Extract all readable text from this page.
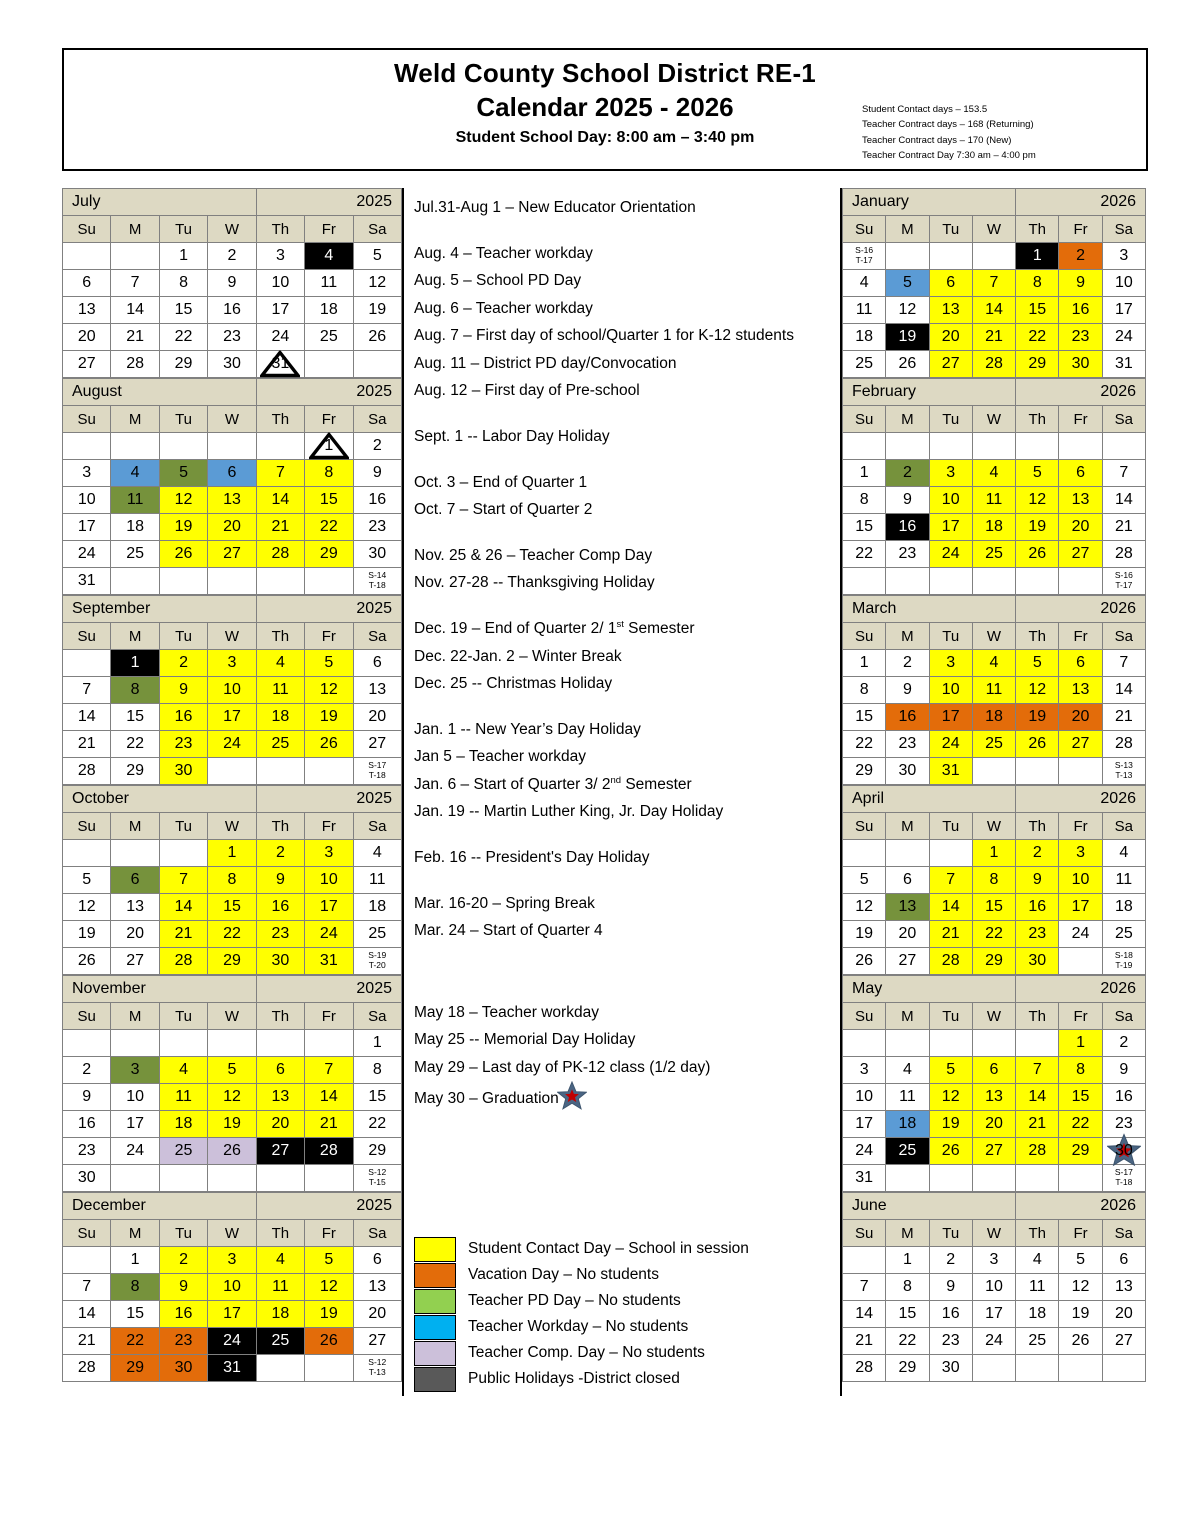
Weld County School District RE-1
Calendar 2025 - 2026
Student School Day: 8:00 am – 3:40 pm
Student Contact days – 153.5
Teacher Contract days – 168 (Returning)
Teacher Contract days – 170 (New)
Teacher Contract Day 7:30 am – 4:00 pm
July				2025		
Su	M	Tu	W	Th	Fr	Sa
		1	2	3	4	5
6	7	8	9	10	11	12
13	14	15	16	17	18	19
20	21	22	23	24	25	26
27	28	29	30	31		

August				2025		
Su	M	Tu	W	Th	Fr	Sa

					1	2
3	4	5	6	7	8	9
10	11	12	13	14	15	16
17	18	19	20	21	22	23
24	25	26	27	28	29	30
31						S-14
T-18
September				2025		
Su	M	Tu	W	Th	Fr	Sa
	1	2	3	4	5	6
7	8	9	10	11	12	13
14	15	16	17	18	19	20
21	22	23	24	25	26	27
28	29	30				S-17
T-18
October				2025		
Su	M	Tu	W	Th	Fr	Sa
			1	2	3	4
5	6	7	8	9	10	11
12	13	14	15	16	17	18
19	20	21	22	23	24	25
26	27	28	29	30	31	S-19
T-20
November				2025		
Su	M	Tu	W	Th	Fr	Sa
						1
2	3	4	5	6	7	8
9	10	11	12	13	14	15
16	17	18	19	20	21	22
23	24	25	26	27	28	29
30						S-12
T-15
December				2025		
Su	M	Tu	W	Th	Fr	Sa
	1	2	3	4	5	6
7	8	9	10	11	12	13
14	15	16	17	18	19	20
21	22	23	24	25	26	27
28	29	30	31			S-12
T-13
Jul.31-Aug 1 – New Educator Orientation
Aug. 4 – Teacher workday
Aug. 5 – School PD Day
Aug. 6 – Teacher workday
Aug. 7 – First day of school/Quarter 1 for K-12 students
Aug. 11 – District PD day/Convocation
Aug. 12 – First day of Pre-school
Sept. 1 -- Labor Day Holiday
Oct. 3 – End of Quarter 1
Oct. 7 – Start of Quarter 2
Nov. 25 & 26 – Teacher Comp Day
Nov. 27-28 -- Thanksgiving Holiday
Dec. 19 – End of Quarter 2/ 1st Semester
Dec. 22-Jan. 2 – Winter Break
Dec. 25 -- Christmas Holiday
Jan. 1 -- New Year’s Day Holiday
Jan 5 – Teacher workday
Jan. 6 – Start of Quarter 3/ 2nd Semester
Jan. 19 -- Martin Luther King, Jr. Day Holiday
Feb. 16 -- President's Day Holiday
Mar. 16-20 – Spring Break
Mar. 24 – Start of Quarter 4
May 18 – Teacher workday
May 25 -- Memorial Day Holiday
May 29 – Last day of PK-12 class (1/2 day)
May 30 – Graduation
Student Contact Day – School in session
Vacation Day – No students
Teacher PD Day – No students
Teacher Workday – No students
Teacher Comp. Day – No students
Public Holidays -District closed
January				2026		
Su	M	Tu	W	Th	Fr	Sa

S-16
T-17				1	2	3
4	5	6	7	8	9	10
11	12	13	14	15	16	17
18	19	20	21	22	23	24
25	26	27	28	29	30	31
February				2026		
Su	M	Tu	W	Th	Fr	Sa

1	2	3	4	5	6	7
8	9	10	11	12	13	14
15	16	17	18	19	20	21
22	23	24	25	26	27	28

						S-16
T-17
March				2026		
Su	M	Tu	W	Th	Fr	Sa
1	2	3	4	5	6	7
8	9	10	11	12	13	14
15	16	17	18	19	20	21
22	23	24	25	26	27	28
29	30	31				S-13
T-13
April				2026		
Su	M	Tu	W	Th	Fr	Sa
			1	2	3	4
5	6	7	8	9	10	11
12	13	14	15	16	17	18
19	20	21	22	23	24	25
26	27	28	29	30		S-18
T-19
May				2026		
Su	M	Tu	W	Th	Fr	Sa
					1	2
3	4	5	6	7	8	9
10	11	12	13	14	15	16
17	18	19	20	21	22	23
24	25	26	27	28	29	30

31						S-17
T-18
June				2026		
Su	M	Tu	W	Th	Fr	Sa
	1	2	3	4	5	6
7	8	9	10	11	12	13
14	15	16	17	18	19	20
21	22	23	24	25	26	27
28	29	30				
